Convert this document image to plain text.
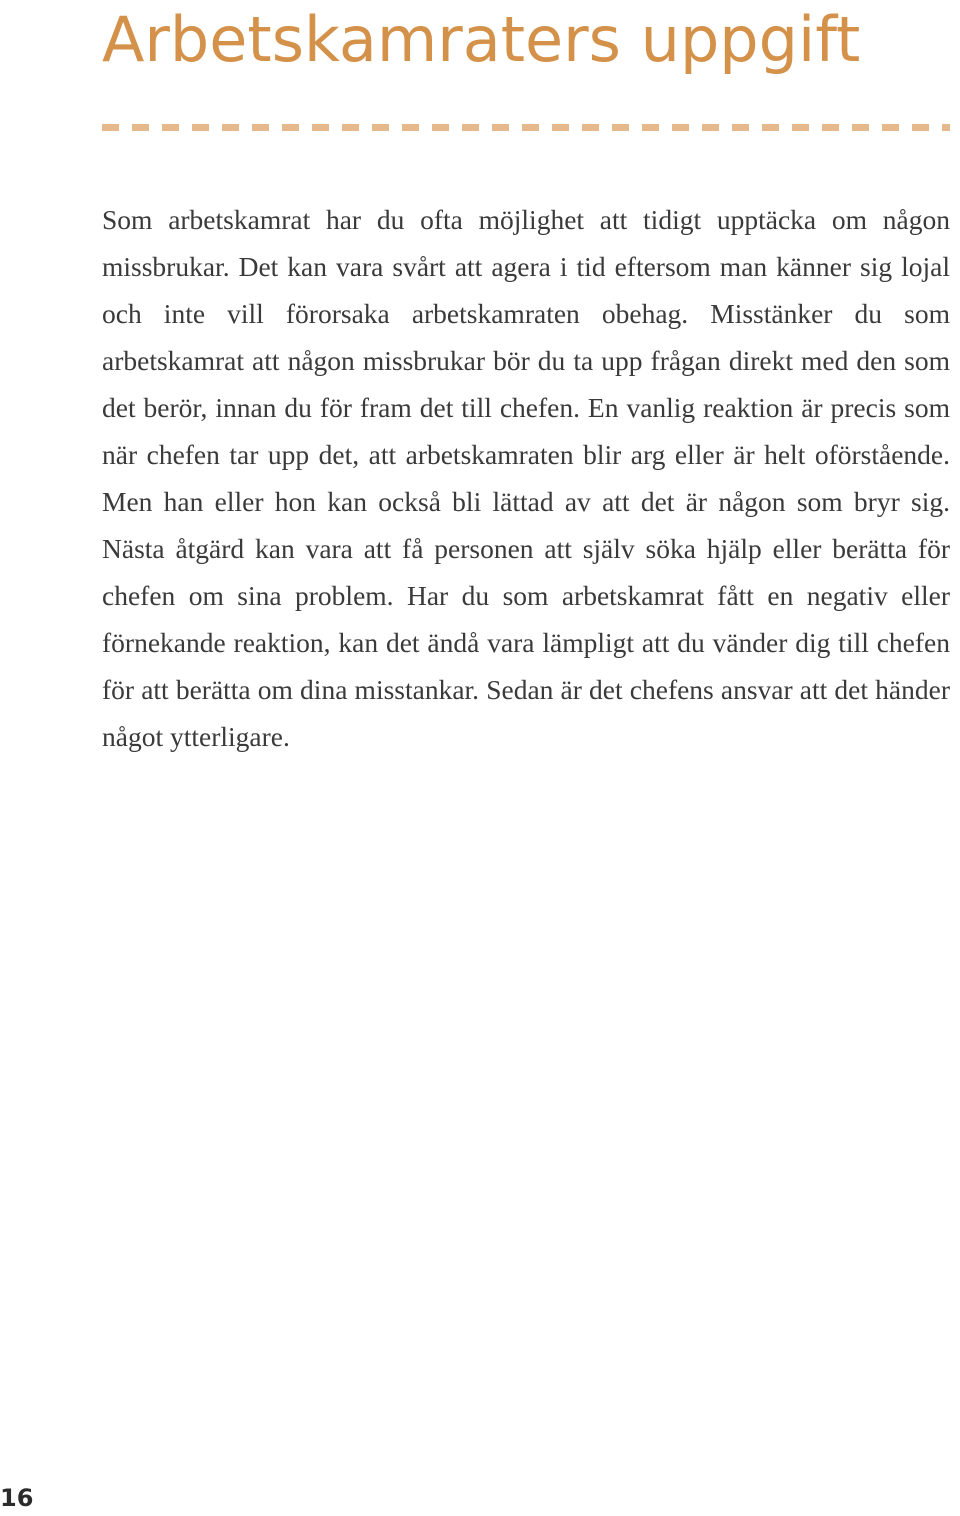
Arbetskamraters uppgift

Som arbetskamrat har du ofta möjlighet att tidigt upptäcka om någon missbrukar. Det kan vara svårt att agera i tid eftersom man känner sig lojal och inte vill förorsaka arbetskamraten obehag. Misstänker du som arbetskamrat att någon missbrukar bör du ta upp frågan direkt med den som det berör, innan du för fram det till chefen. En vanlig reaktion är precis som när chefen tar upp det, att arbetskamraten blir arg eller är helt oförstående. Men han eller hon kan också bli lättad av att det är någon som bryr sig. Nästa åtgärd kan vara att få personen att själv söka hjälp eller berätta för chefen om sina problem. Har du som arbetskamrat fått en negativ eller förnekande reaktion, kan det ändå vara lämpligt att du vänder dig till chefen för att berätta om dina misstankar. Sedan är det chefens ansvar att det händer något ytterligare.

16
